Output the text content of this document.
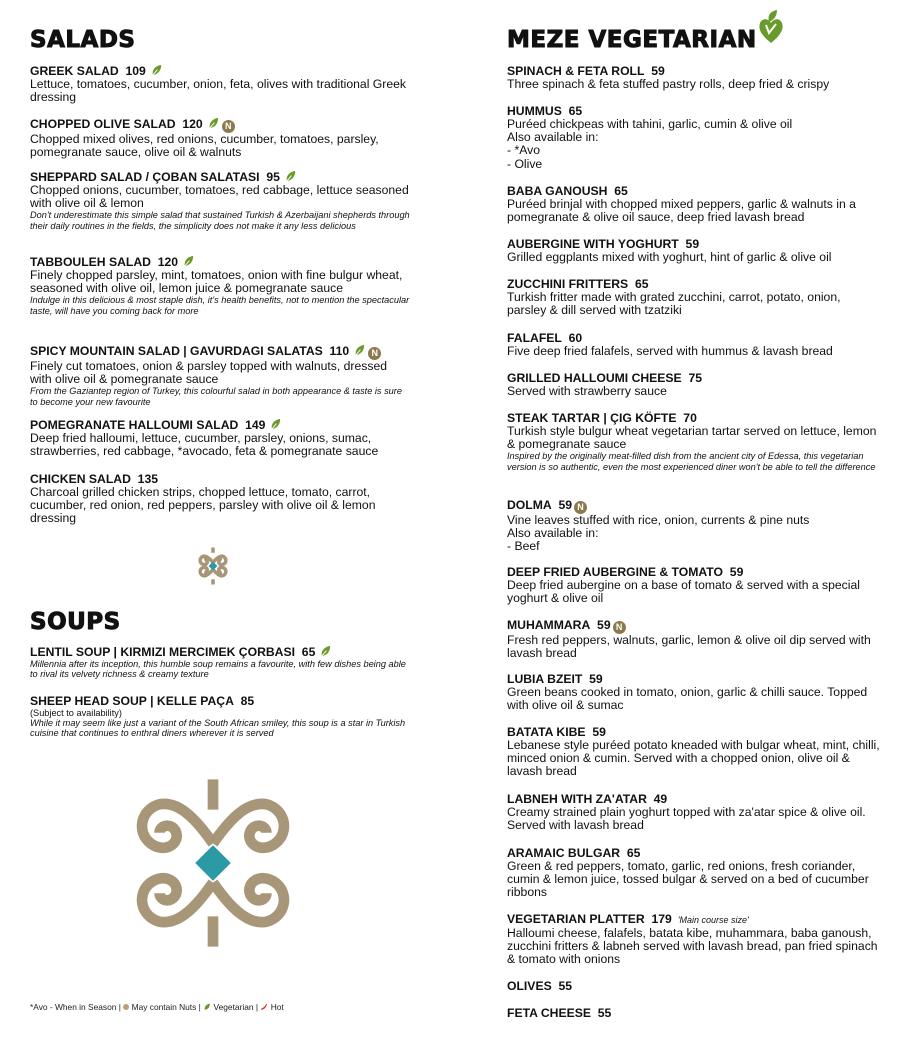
SALADS
GREEK SALAD 109
Lettuce, tomatoes, cucumber, onion, feta, olives with traditional Greek dressing
CHOPPED OLIVE SALAD 120 N
Chopped mixed olives, red onions, cucumber, tomatoes, parsley, pomegranate sauce, olive oil & walnuts
SHEPPARD SALAD / ÇOBAN SALATASI 95
Chopped onions, cucumber, tomatoes, red cabbage, lettuce seasoned with olive oil & lemon
Don't underestimate this simple salad that sustained Turkish & Azerbaijani shepherds through their daily routines in the fields, the simplicity does not make it any less delicious
TABBOULEH SALAD 120
Finely chopped parsley, mint, tomatoes, onion with fine bulgur wheat, seasoned with olive oil, lemon juice & pomegranate sauce
Indulge in this delicious & most staple dish, it's health benefits, not to mention the spectacular taste, will have you coming back for more
SPICY MOUNTAIN SALAD | GAVURDAGI SALATAS 110 N
Finely cut tomatoes, onion & parsley topped with walnuts, dressed with olive oil & pomegranate sauce
From the Gaziantep region of Turkey, this colourful salad in both appearance & taste is sure to become your new favourite
POMEGRANATE HALLOUMI SALAD 149
Deep fried halloumi, lettuce, cucumber, parsley, onions, sumac, strawberries, red cabbage, *avocado, feta & pomegranate sauce
CHICKEN SALAD 135
Charcoal grilled chicken strips, chopped lettuce, tomato, carrot, cucumber, red onion, red peppers, parsley with olive oil & lemon dressing
SOUPS
LENTIL SOUP | KIRMIZI MERCIMEK ÇORBASI 65
Millennia after its inception, this humble soup remains a favourite, with few dishes being able to rival its velvety richness & creamy texture
SHEEP HEAD SOUP | KELLE PAÇA 85
(Subject to availability)
While it may seem like just a variant of the South African smiley, this soup is a star in Turkish cuisine that continues to enthral diners wherever it is served
MEZE VEGETARIAN
SPINACH & FETA ROLL 59
Three spinach & feta stuffed pastry rolls, deep fried & crispy
HUMMUS 65
Puréed chickpeas with tahini, garlic, cumin & olive oil
Also available in:
- *Avo
- Olive
BABA GANOUSH 65
Puréed brinjal with chopped mixed peppers, garlic & walnuts in a pomegranate & olive oil sauce, deep fried lavash bread
AUBERGINE WITH YOGHURT 59
Grilled eggplants mixed with yoghurt, hint of garlic & olive oil
ZUCCHINI FRITTERS 65
Turkish fritter made with grated zucchini, carrot, potato, onion, parsley & dill served with tzatziki
FALAFEL 60
Five deep fried falafels, served with hummus & lavash bread
GRILLED HALLOUMI CHEESE 75
Served with strawberry sauce
STEAK TARTAR | ÇIG KÖFTE 70
Turkish style bulgur wheat vegetarian tartar served on lettuce, lemon & pomegranate sauce
Inspired by the originally meat-filled dish from the ancient city of Edessa, this vegetarian version is so authentic, even the most experienced diner won't be able to tell the difference
DOLMA 59 N
Vine leaves stuffed with rice, onion, currents & pine nuts
Also available in:
- Beef
DEEP FRIED AUBERGINE & TOMATO 59
Deep fried aubergine on a base of tomato & served with a special yoghurt & olive oil
MUHAMMARA 59 N
Fresh red peppers, walnuts, garlic, lemon & olive oil dip served with lavash bread
LUBIA BZEIT 59
Green beans cooked in tomato, onion, garlic & chilli sauce. Topped with olive oil & sumac
BATATA KIBE 59
Lebanese style puréed potato kneaded with bulgar wheat, mint, chilli, minced onion & cumin. Served with a chopped onion, olive oil & lavash bread
LABNEH WITH ZA'ATAR 49
Creamy strained plain yoghurt topped with za'atar spice & olive oil. Served with lavash bread
ARAMAIC BULGAR 65
Green & red peppers, tomato, garlic, red onions, fresh coriander, cumin & lemon juice, tossed bulgar & served on a bed of cucumber ribbons
VEGETARIAN PLATTER 179 'Main course size'
Halloumi cheese, falafels, batata kibe, muhammara, baba ganoush, zucchini fritters & labneh served with lavash bread, pan fried spinach & tomato with onions
OLIVES 55
FETA CHEESE 55
*Avo - When in Season | May contain Nuts | Vegetarian | Hot
